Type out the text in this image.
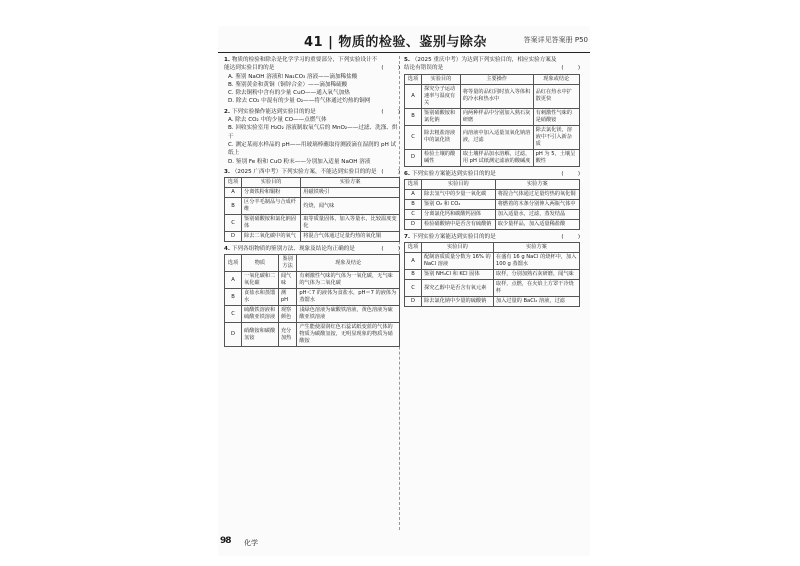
41 | 物质的检验、鉴别与除杂	答案详见答案册 P50
1. 物质的检验和除杂是化学学习的重要部分，下列实验设计不能达到实验目的的是	(        )
A. 鉴别 NaOH 溶液和 Na₂CO₃ 溶液——滴加稀盐酸
B. 鉴别黄金和黄铜（铜锌合金）——滴加稀硫酸
C. 除去铜粉中含有的少量 CuO——通入氧气加热
D. 除去 CO₂ 中混有的少量 O₂——将气体通过灼热的铜网
2. 下列实验操作能达到实验目的的是	(        )
A. 除去 CO₂ 中的少量 CO——点燃气体
B. 回收实验室用 H₂O₂ 溶液制取氧气后的 MnO₂——过滤、洗涤、烘干
C. 测定某雨水样品的 pH——用玻璃棒蘸取待测液滴在湿润的 pH 试纸上
D. 鉴别 Fe 粉和 CuO 粉末——分别加入适量 NaOH 溶液
3. （2025 广西中考）下列实验方案，不能达到实验目的的是 (        )
选项	实验目的	实验方案
A	分离铁粉和铜粉	用磁铁吸引
B	区分羊毛制品与合成纤维	灼烧，闻气味
C	鉴别硝酸铵和氯化钠固体	取等质量固体，加入等量水，比较温度变化
D	除去二氧化碳中的氧气	将混合气体通过足量灼热的氧化铜
4. 下列各组物质的鉴别方法、现象及结论均正确的是	(        )
选项	物质	鉴别方法	现象及结论
A	一氧化碳和二氧化碳	闻气味	有刺激性气味的气体为一氧化碳，无气味的气体为二氧化碳
B	食盐水和蒸馏水	测 pH	pH＜7 的液体为食盐水，pH＝7 的液体为蒸馏水
C	硫酸铁溶液和硫酸亚铁溶液	观察颜色	浅绿色溶液为硫酸铁溶液，黄色溶液为硫酸亚铁溶液
D	硝酸铵和碳酸氢铵	充分加热	产生能使湿润红色石蕊试纸变蓝的气体的物质为碳酸氢铵，无明显现象的物质为硝酸铵
5. （2025 重庆中考）为达到下列实验目的，相应实验方案及结论有错误的是	(        )
选项	实验目的	主要操作	现象或结论
A	探究分子运动速率与温度有关	将等量的品红同时放入等体积的冷水和热水中	品红在热水中扩散更快
B	鉴别硝酸铵和氯化钠	向两种样品中分别加入熟石灰研磨	有刺激性气味的是硝酸铵
C	除去粗盐溶液中的氯化镁	向溶液中加入适量氢氧化钠溶液，过滤	除去氯化镁，溶液中不引入新杂质
D	检验土壤的酸碱性	取土壤样品加水溶解，过滤，用 pH 试纸测定滤液的酸碱度	pH 为 5，土壤呈酸性
6. 下列实验方案能达到实验目的的是	(        )
选项	实验目的	实验方案
A	除去氢气中的少量一氧化碳	将混合气体通过足量灼热的氧化铜
B	鉴别 O₂ 和 CO₂	将燃着的木条分别伸入两瓶气体中
C	分离氯化钙和碳酸钙固体	加入适量水，过滤，蒸发结晶
D	检验硝酸钠中是否含有硫酸钠	取少量样品，加入适量稀盐酸
7. 下列实验方案能达到实验目的的是	(        )
选项	实验目的	实验方案
A	配制溶质质量分数为 16% 的 NaCl 溶液	在盛有 16 g NaCl 的烧杯中，加入 100 g 蒸馏水
B	鉴别 NH₄Cl 和 KCl 固体	取样，分别加熟石灰研磨，闻气味
C	探究乙醇中是否含有氧元素	取样，点燃，在火焰上方罩干冷烧杯
D	除去氯化钠中少量的硫酸钠	加入过量的 BaCl₂ 溶液，过滤
98 化学
